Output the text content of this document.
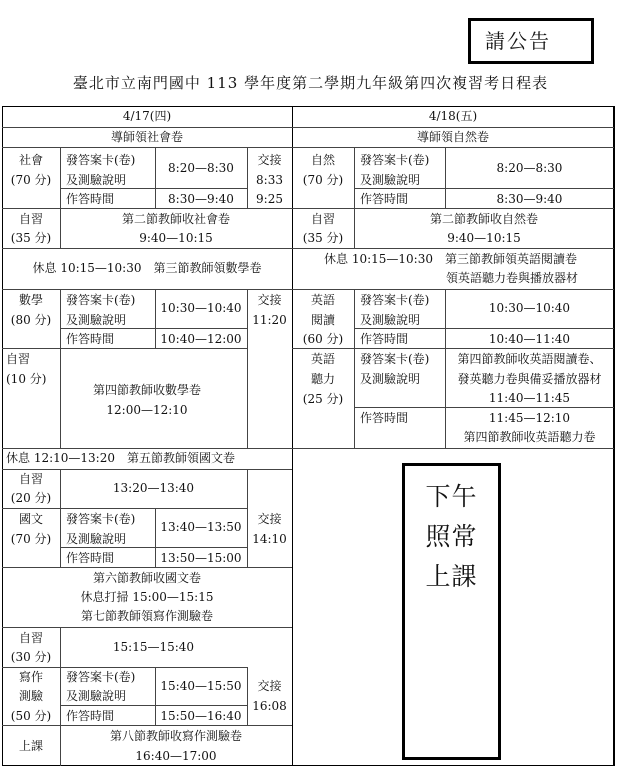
請公告
臺北市立南門國中 113 學年度第二學期九年級第四次複習考日程表
4/17(四)
導師領社會卷
社會
(70 分)
發答案卡(卷)
及測驗說明
作答時間
8:20—8:30
8:30—9:40
交接
8:33
9:25
自習
(35 分)
第二節教師收社會卷
9:40—10:15
休息 10:15—10:30　第三節教師領數學卷
數學
(80 分)
發答案卡(卷)
及測驗說明
作答時間
10:30—10:40
10:40—12:00
交接
11:20
自習
(10 分)
第四節教師收數學卷
12:00—12:10
休息 12:10—13:20　第五節教師領國文卷
自習
(20 分)
13:20—13:40
國文
(70 分)
發答案卡(卷)
及測驗說明
作答時間
13:40—13:50
13:50—15:00
交接
14:10
第六節教師收國文卷
休息打掃 15:00—15:15
第七節教師領寫作測驗卷
自習
(30 分)
15:15—15:40
寫作
測驗
(50 分)
發答案卡(卷)
及測驗說明
作答時間
15:40—15:50
15:50—16:40
交接
16:08
上課
第八節教師收寫作測驗卷
16:40—17:00
4/18(五)
導師領自然卷
自然
(70 分)
發答案卡(卷)
及測驗說明
作答時間
8:20—8:30
8:30—9:40
自習
(35 分)
第二節教師收自然卷
9:40—10:15
休息 10:15—10:30　第三節教師領英語閱讀卷
領英語聽力卷與播放器材
英語
閱讀
(60 分)
發答案卡(卷)
及測驗說明
作答時間
10:30—10:40
10:40—11:40
英語
聽力
(25 分)
發答案卡(卷)
及測驗說明
作答時間
第四節教師收英語閱讀卷、
發英聽力卷與備妥播放器材
11:40—11:45
11:45—12:10
第四節教師收英語聽力卷
下午
照常
上課
